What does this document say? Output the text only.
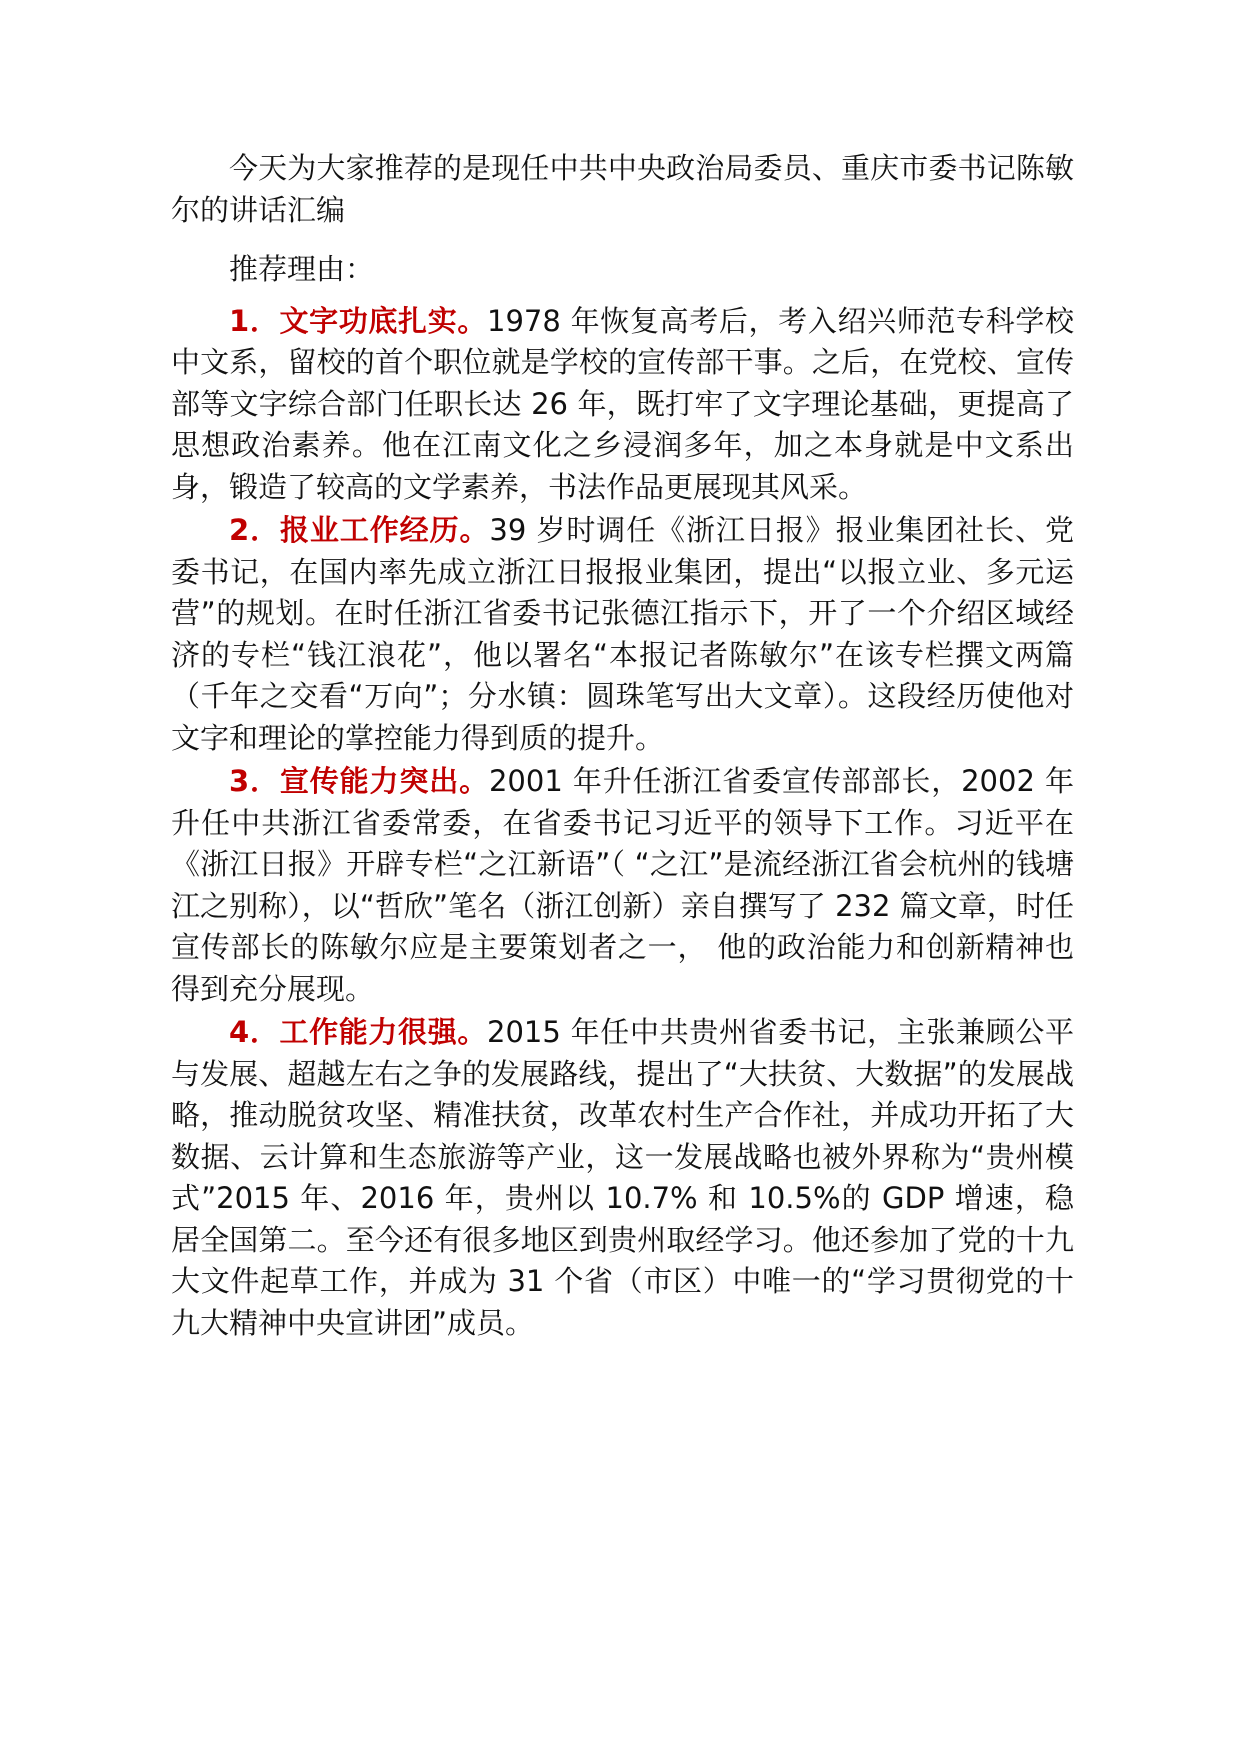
今天为大家推荐的是现任中共中央政治局委员、重庆市委书记陈敏尔的讲话汇编

推荐理由：

1．文字功底扎实。1978 年恢复高考后，考入绍兴师范专科学校中文系，留校的首个职位就是学校的宣传部干事。之后，在党校、宣传部等文字综合部门任职长达 26 年，既打牢了文字理论基础，更提高了思想政治素养。他在江南文化之乡浸润多年，加之本身就是中文系出身，锻造了较高的文学素养，书法作品更展现其风采。

2．报业工作经历。39 岁时调任《浙江日报》报业集团社长、党委书记，在国内率先成立浙江日报报业集团，提出“以报立业、多元运营”的规划。在时任浙江省委书记张德江指示下，开了一个介绍区域经济的专栏“钱江浪花”，他以署名“本报记者陈敏尔”在该专栏撰文两篇（千年之交看“万向”；分水镇：圆珠笔写出大文章）。这段经历使他对文字和理论的掌控能力得到质的提升。

3．宣传能力突出。2001 年升任浙江省委宣传部部长，2002 年升任中共浙江省委常委，在省委书记习近平的领导下工作。习近平在《浙江日报》开辟专栏“之江新语”（ “之江”是流经浙江省会杭州的钱塘江之别称），以“哲欣”笔名（浙江创新）亲自撰写了 232 篇文章，时任宣传部长的陈敏尔应是主要策划者之一， 他的政治能力和创新精神也得到充分展现。

4．工作能力很强。2015 年任中共贵州省委书记，主张兼顾公平与发展、超越左右之争的发展路线，提出了“大扶贫、大数据”的发展战略，推动脱贫攻坚、精准扶贫，改革农村生产合作社，并成功开拓了大数据、云计算和生态旅游等产业，这一发展战略也被外界称为“贵州模式”2015 年、2016 年，贵州以 10.7% 和 10.5%的 GDP 增速，稳居全国第二。至今还有很多地区到贵州取经学习。他还参加了党的十九大文件起草工作，并成为 31 个省（市区）中唯一的“学习贯彻党的十九大精神中央宣讲团”成员。
